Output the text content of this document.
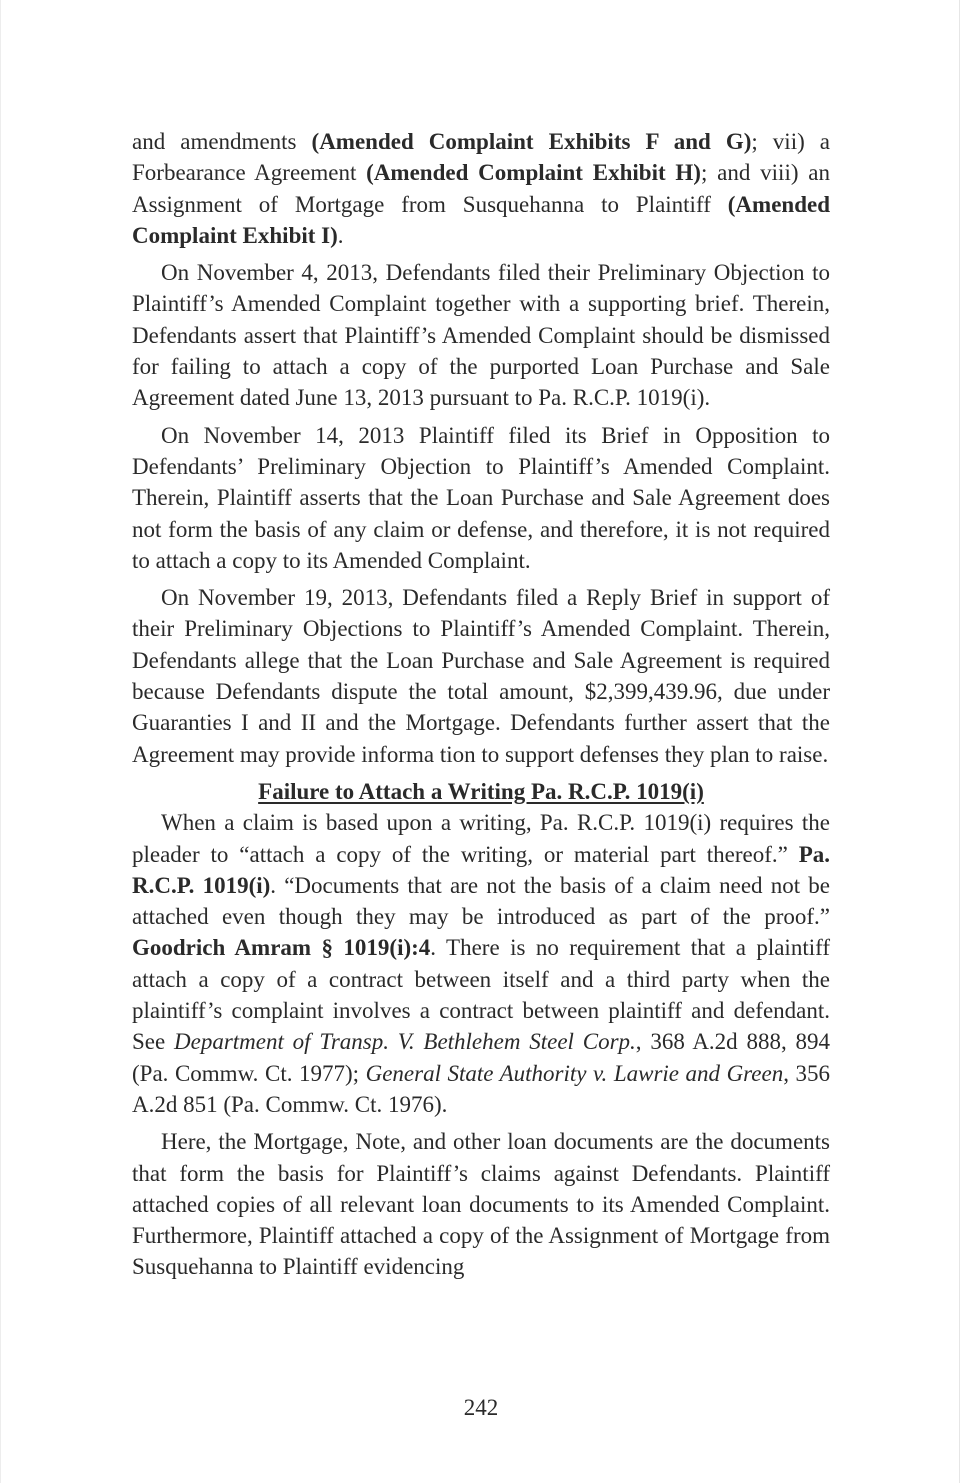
and amendments (Amended Complaint Exhibits F and G); vii) a Forbearance Agreement (Amended Complaint Exhibit H); and viii) an Assignment of Mortgage from Susquehanna to Plaintiff (Amended Complaint Exhibit I).

On November 4, 2013, Defendants filed their Preliminary Objection to Plaintiff’s Amended Complaint together with a supporting brief. Therein, Defendants assert that Plaintiff’s Amended Complaint should be dismissed for failing to attach a copy of the purported Loan Purchase and Sale Agreement dated June 13, 2013 pursuant to Pa. R.C.P. 1019(i).

On November 14, 2013 Plaintiff filed its Brief in Opposition to Defendants’ Preliminary Objection to Plaintiff’s Amended Complaint. Therein, Plaintiff asserts that the Loan Purchase and Sale Agreement does not form the basis of any claim or defense, and therefore, it is not required to attach a copy to its Amended Complaint.

On November 19, 2013, Defendants filed a Reply Brief in support of their Preliminary Objections to Plaintiff’s Amended Complaint. Therein, Defendants allege that the Loan Purchase and Sale Agreement is required because Defendants dispute the total amount, $2,399,439.96, due under Guaranties I and II and the Mortgage. Defendants further assert that the Agreement may provide informa tion to support defenses they plan to raise.

Failure to Attach a Writing Pa. R.C.P. 1019(i)

When a claim is based upon a writing, Pa. R.C.P. 1019(i) requires the pleader to “attach a copy of the writing, or material part thereof.” Pa. R.C.P. 1019(i). “Documents that are not the basis of a claim need not be attached even though they may be introduced as part of the proof.” Goodrich Amram § 1019(i):4. There is no requirement that a plaintiff attach a copy of a contract between itself and a third party when the plaintiff’s complaint involves a contract between plaintiff and defendant. See Department of Transp. V. Bethlehem Steel Corp., 368 A.2d 888, 894 (Pa. Commw. Ct. 1977); General State Authority v. Lawrie and Green, 356 A.2d 851 (Pa. Commw. Ct. 1976).

Here, the Mortgage, Note, and other loan documents are the documents that form the basis for Plaintiff’s claims against Defendants. Plaintiff attached copies of all relevant loan documents to its Amended Complaint. Furthermore, Plaintiff attached a copy of the Assignment of Mortgage from Susquehanna to Plaintiff evidencing

242
